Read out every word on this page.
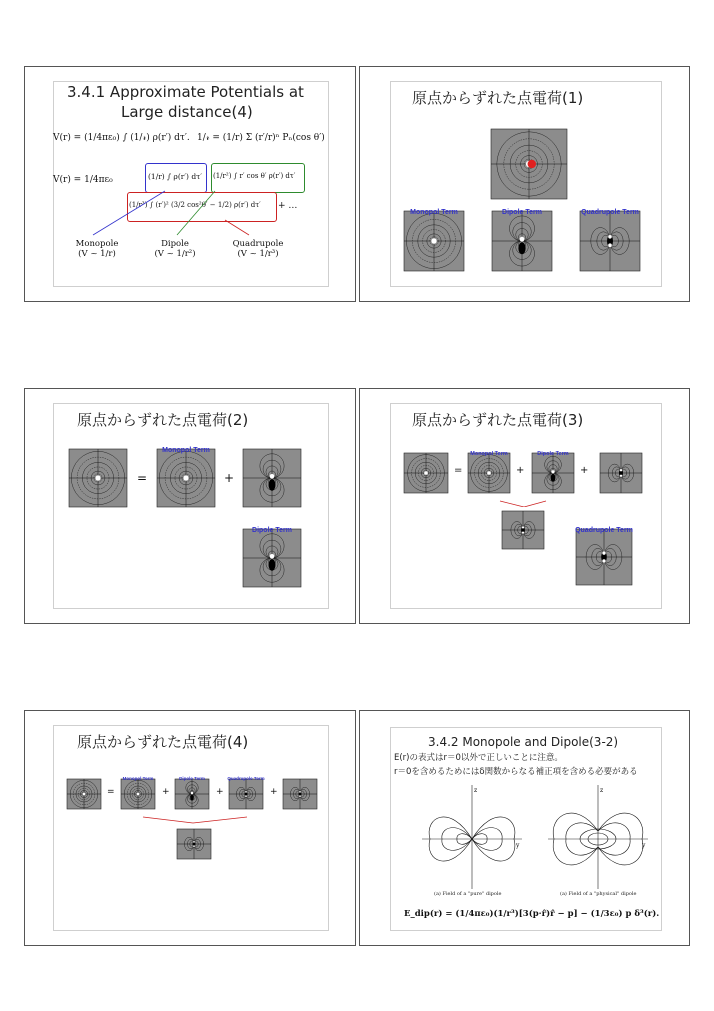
3.4.1 Approximate Potentials at
Large distance(4)
V(r) = (1/4πε₀) ∫ (1/𝓇) ρ(r′) dτ′. 1/𝓇 = (1/r) Σ (r′/r)ⁿ Pₙ(cos θ′)
V(r) = 1/4πε₀	(1/r) ∫ ρ(r′) dτ′ (1/r²) ∫ r′ cos θ′ ρ(r′) dτ′
(1/r³) ∫ (r′)² (3/2 cos²θ′ − 1/2) ρ(r′) dτ′ + …
Monopole
(V ~ 1/r)
Dipole
(V ~ 1/r²)
Quadrupole
(V ~ 1/r³)
原点からずれた点電荷(1)
Monopol Term	Dipole Term	Quadrupole Term
原点からずれた点電荷(2)
=
Monopol Term
+
Dipole Term
原点からずれた点電荷(3)
=
Monopol Term
+
Dipole Term
+
Quadrupole Term
原点からずれた点電荷(4)
=
Monopol Term
+
Dipole Term
+
Quadrupole Term
+
3.4.2 Monopole and Dipole(3-2)
E(r)の表式はr＝0以外で正しいことに注意。
r＝0を含めるためにはδ関数からなる補正項を含める必要がある
z
y
z
y
(a) Field of a "pure" dipole	(a) Field of a "physical" dipole
E_dip(r) = (1/4πε₀)(1/r³)[3(p·r̂)r̂ − p] − (1/3ε₀) p δ³(r).
